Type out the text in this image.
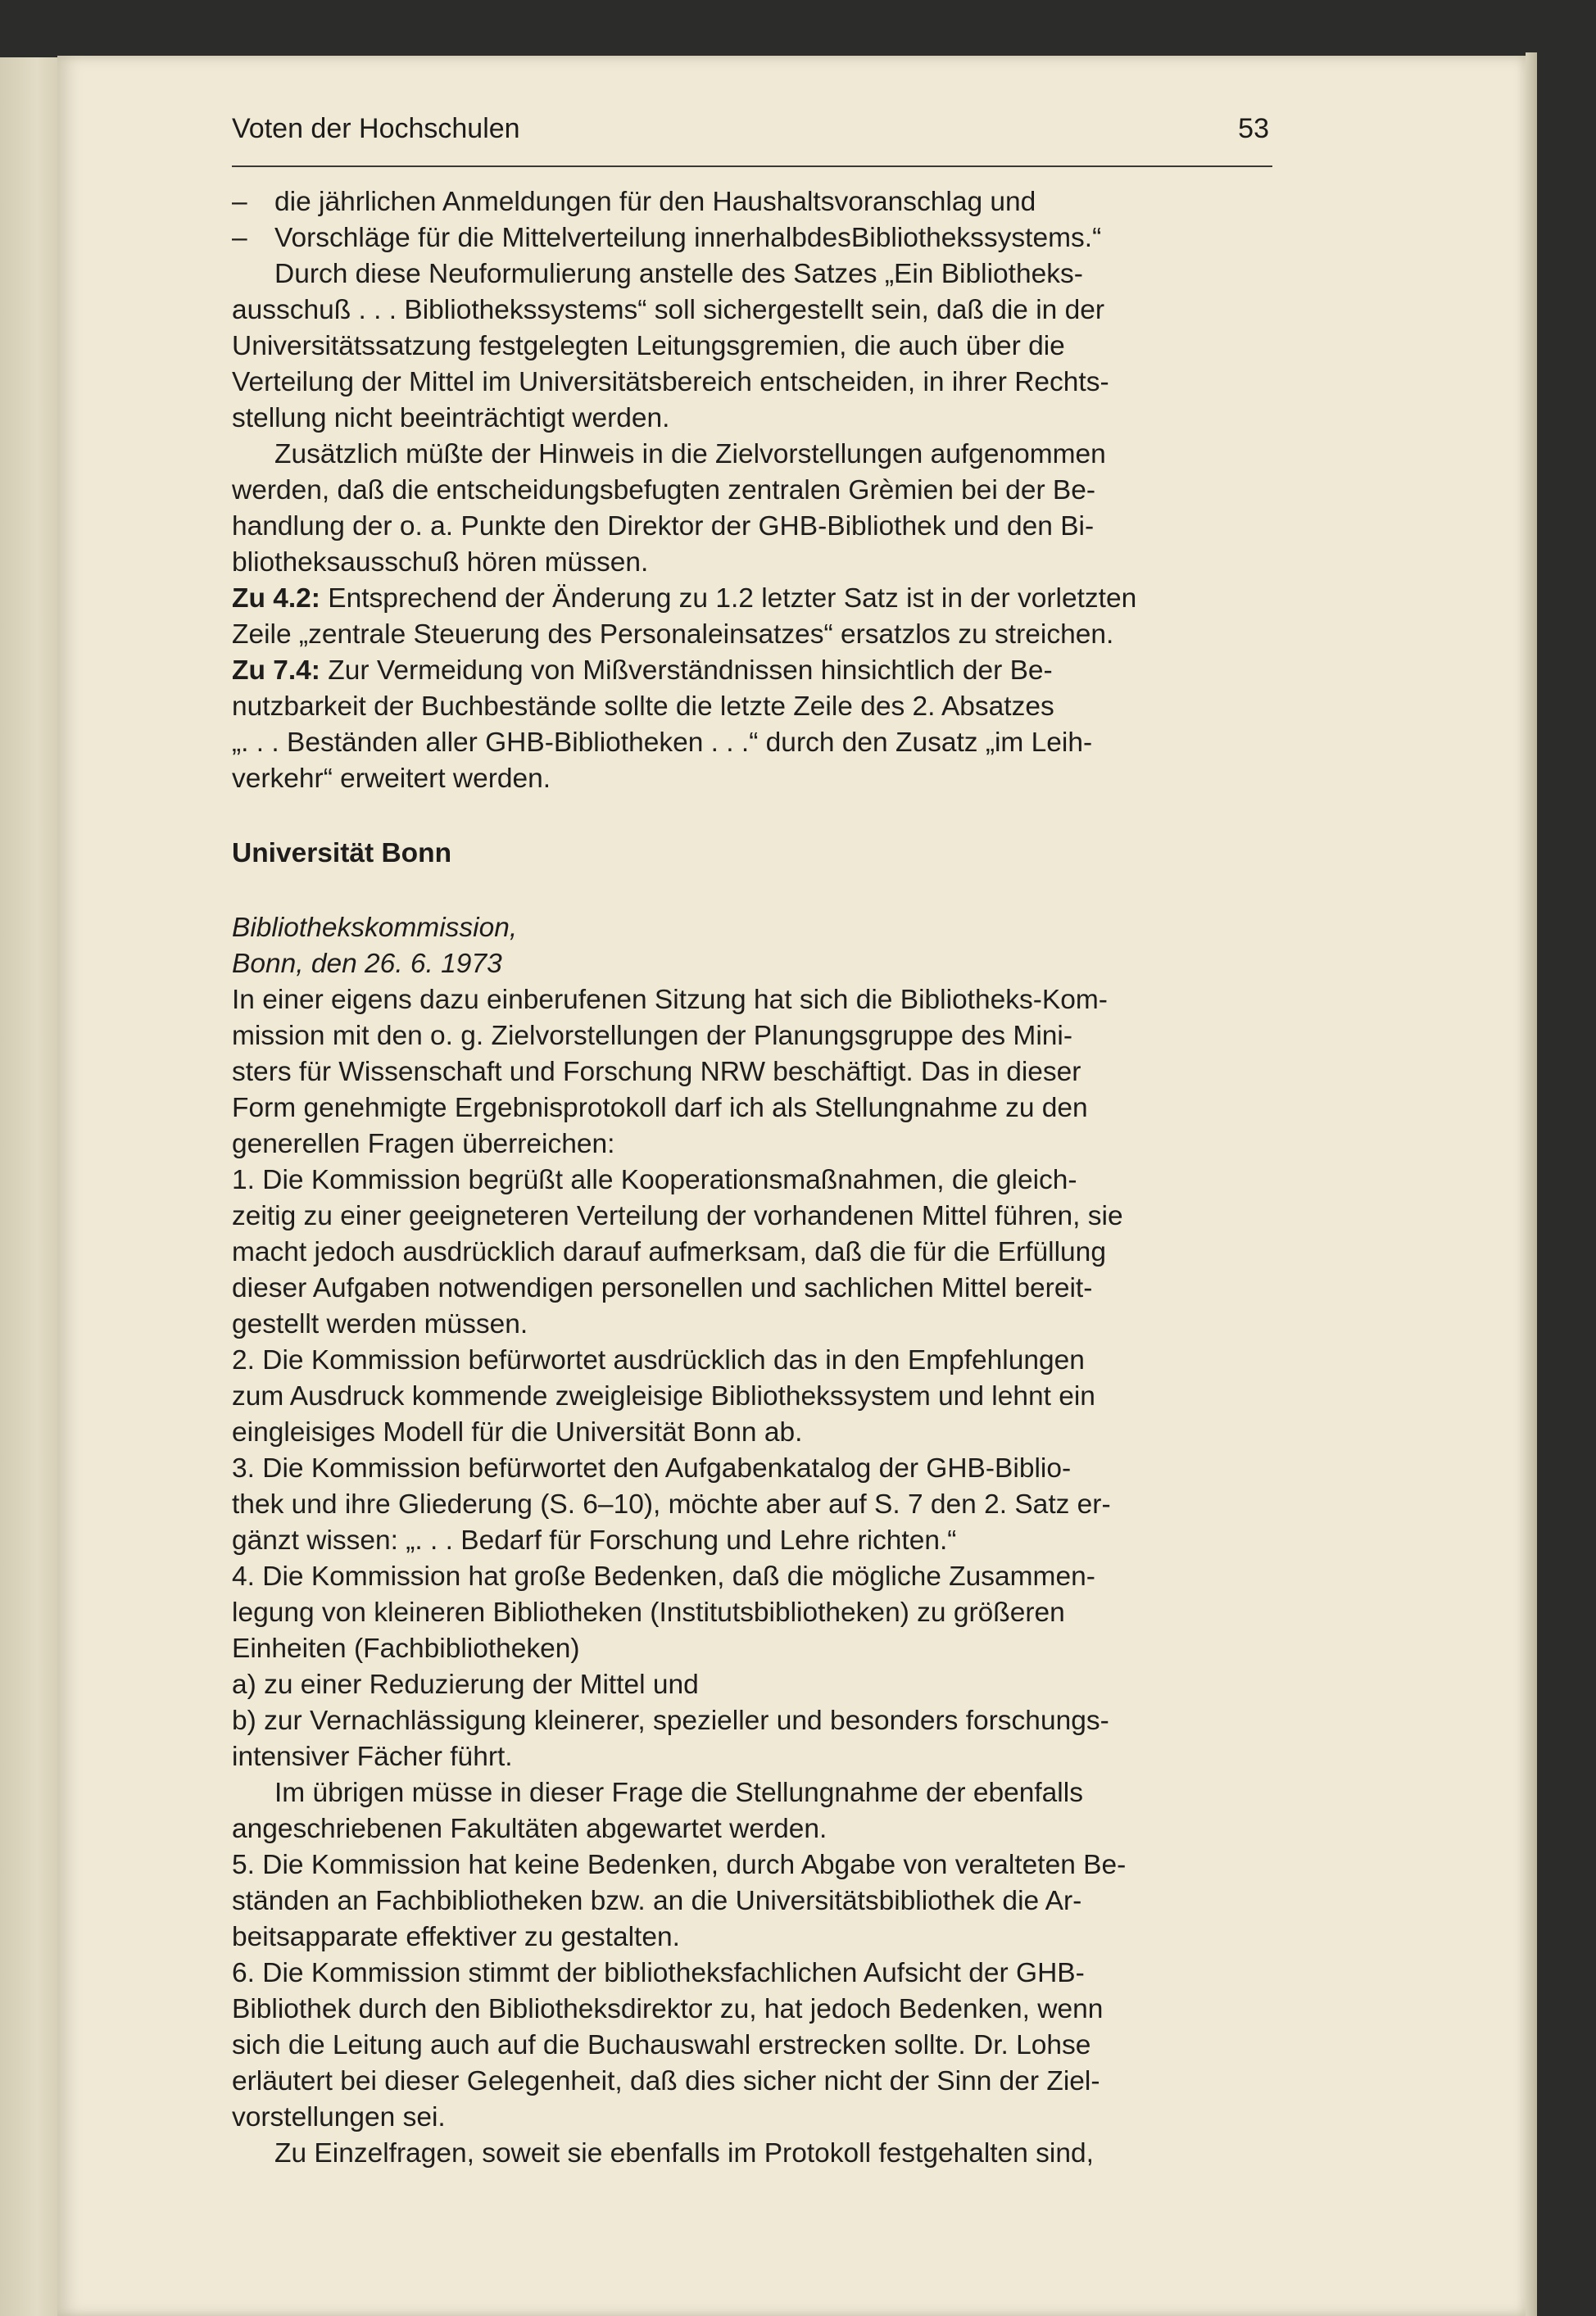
Voten der Hochschulen	53
– die jährlichen Anmeldungen für den Haushaltsvoranschlag und
– Vorschläge für die Mittelverteilung innerhalbdesBibliothekssystems.“
Durch diese Neuformulierung anstelle des Satzes „Ein Bibliotheks-
ausschuß . . . Bibliothekssystems“ soll sichergestellt sein, daß die in der
Universitätssatzung festgelegten Leitungsgremien, die auch über die
Verteilung der Mittel im Universitätsbereich entscheiden, in ihrer Rechts-
stellung nicht beeinträchtigt werden.
Zusätzlich müßte der Hinweis in die Zielvorstellungen aufgenommen
werden, daß die entscheidungsbefugten zentralen Grèmien bei der Be-
handlung der o. a. Punkte den Direktor der GHB-Bibliothek und den Bi-
bliotheksausschuß hören müssen.
Zu 4.2: Entsprechend der Änderung zu 1.2 letzter Satz ist in der vorletzten
Zeile „zentrale Steuerung des Personaleinsatzes“ ersatzlos zu streichen.
Zu 7.4: Zur Vermeidung von Mißverständnissen hinsichtlich der Be-
nutzbarkeit der Buchbestände sollte die letzte Zeile des 2. Absatzes
„. . . Beständen aller GHB-Bibliotheken . . .“ durch den Zusatz „im Leih-
verkehr“ erweitert werden.
Universität Bonn
Bibliothekskommission,
Bonn, den 26. 6. 1973
In einer eigens dazu einberufenen Sitzung hat sich die Bibliotheks-Kom-
mission mit den o. g. Zielvorstellungen der Planungsgruppe des Mini-
sters für Wissenschaft und Forschung NRW beschäftigt. Das in dieser
Form genehmigte Ergebnisprotokoll darf ich als Stellungnahme zu den
generellen Fragen überreichen:
1. Die Kommission begrüßt alle Kooperationsmaßnahmen, die gleich-
zeitig zu einer geeigneteren Verteilung der vorhandenen Mittel führen, sie
macht jedoch ausdrücklich darauf aufmerksam, daß die für die Erfüllung
dieser Aufgaben notwendigen personellen und sachlichen Mittel bereit-
gestellt werden müssen.
2. Die Kommission befürwortet ausdrücklich das in den Empfehlungen
zum Ausdruck kommende zweigleisige Bibliothekssystem und lehnt ein
eingleisiges Modell für die Universität Bonn ab.
3. Die Kommission befürwortet den Aufgabenkatalog der GHB-Biblio-
thek und ihre Gliederung (S. 6–10), möchte aber auf S. 7 den 2. Satz er-
gänzt wissen: „. . . Bedarf für Forschung und Lehre richten.“
4. Die Kommission hat große Bedenken, daß die mögliche Zusammen-
legung von kleineren Bibliotheken (Institutsbibliotheken) zu größeren
Einheiten (Fachbibliotheken)
a) zu einer Reduzierung der Mittel und
b) zur Vernachlässigung kleinerer, spezieller und besonders forschungs-
intensiver Fächer führt.
Im übrigen müsse in dieser Frage die Stellungnahme der ebenfalls
angeschriebenen Fakultäten abgewartet werden.
5. Die Kommission hat keine Bedenken, durch Abgabe von veralteten Be-
ständen an Fachbibliotheken bzw. an die Universitätsbibliothek die Ar-
beitsapparate effektiver zu gestalten.
6. Die Kommission stimmt der bibliotheksfachlichen Aufsicht der GHB-
Bibliothek durch den Bibliotheksdirektor zu, hat jedoch Bedenken, wenn
sich die Leitung auch auf die Buchauswahl erstrecken sollte. Dr. Lohse
erläutert bei dieser Gelegenheit, daß dies sicher nicht der Sinn der Ziel-
vorstellungen sei.
Zu Einzelfragen, soweit sie ebenfalls im Protokoll festgehalten sind,
